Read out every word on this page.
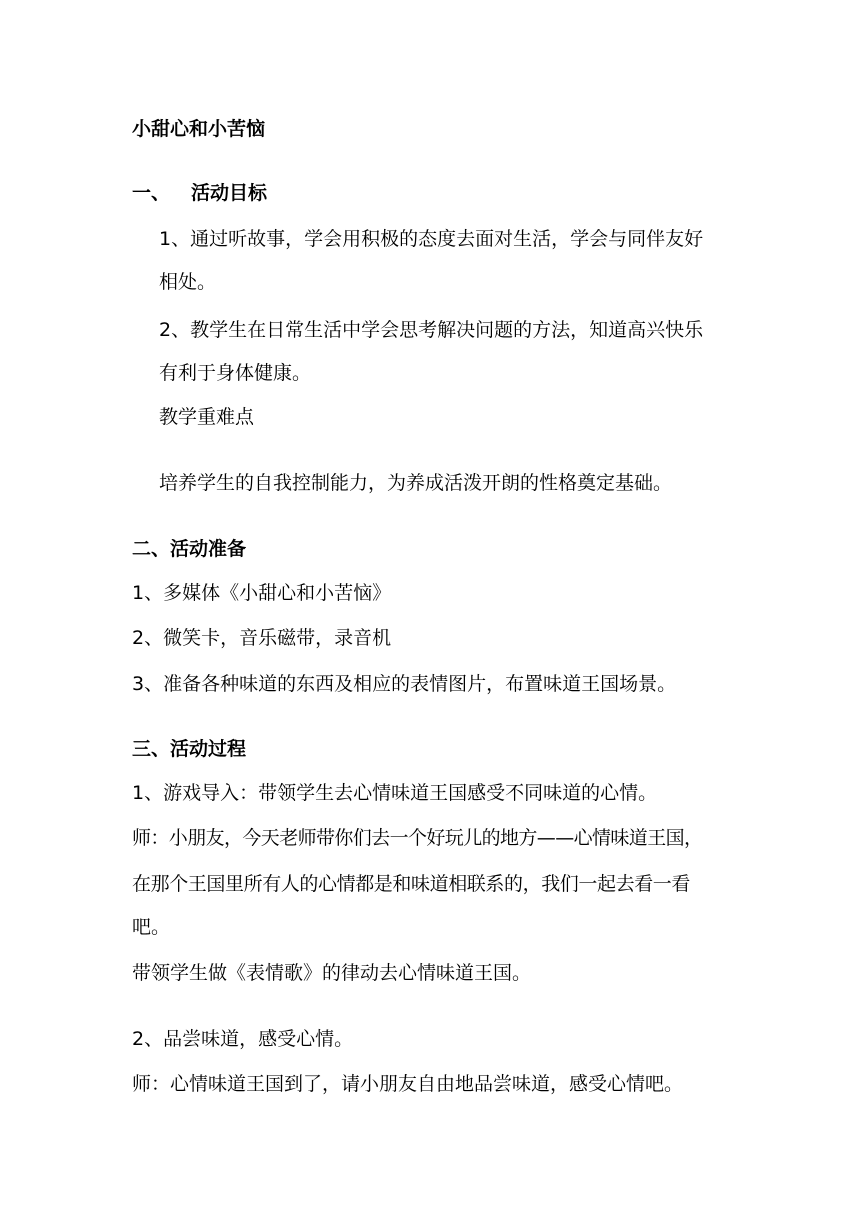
小甜心和小苦恼
一、 活动目标
1、通过听故事，学会用积极的态度去面对生活，学会与同伴友好
相处。
2、教学生在日常生活中学会思考解决问题的方法，知道高兴快乐
有利于身体健康。
教学重难点
培养学生的自我控制能力，为养成活泼开朗的性格奠定基础。
二、活动准备
1、多媒体《小甜心和小苦恼》
2、微笑卡，音乐磁带，录音机
3、准备各种味道的东西及相应的表情图片，布置味道王国场景。
三、活动过程
1、游戏导入：带领学生去心情味道王国感受不同味道的心情。
师：小朋友，今天老师带你们去一个好玩儿的地方——心情味道王国，
在那个王国里所有人的心情都是和味道相联系的，我们一起去看一看
吧。
带领学生做《表情歌》的律动去心情味道王国。
2、品尝味道，感受心情。
师：心情味道王国到了，请小朋友自由地品尝味道，感受心情吧。
